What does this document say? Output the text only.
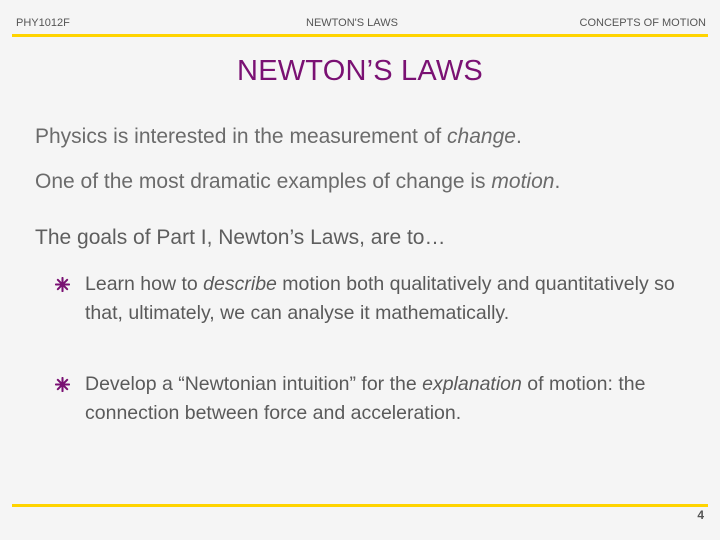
PHY1012F	NEWTON'S LAWS	CONCEPTS OF MOTION
NEWTON’S LAWS
Physics is interested in the measurement of change.
One of the most dramatic examples of change is motion.
The goals of Part I, Newton’s Laws, are to…
Learn how to describe motion both qualitatively and quantitatively so that, ultimately, we can analyse it mathematically.
Develop a “Newtonian intuition” for the explanation of motion: the connection between force and acceleration.
4
